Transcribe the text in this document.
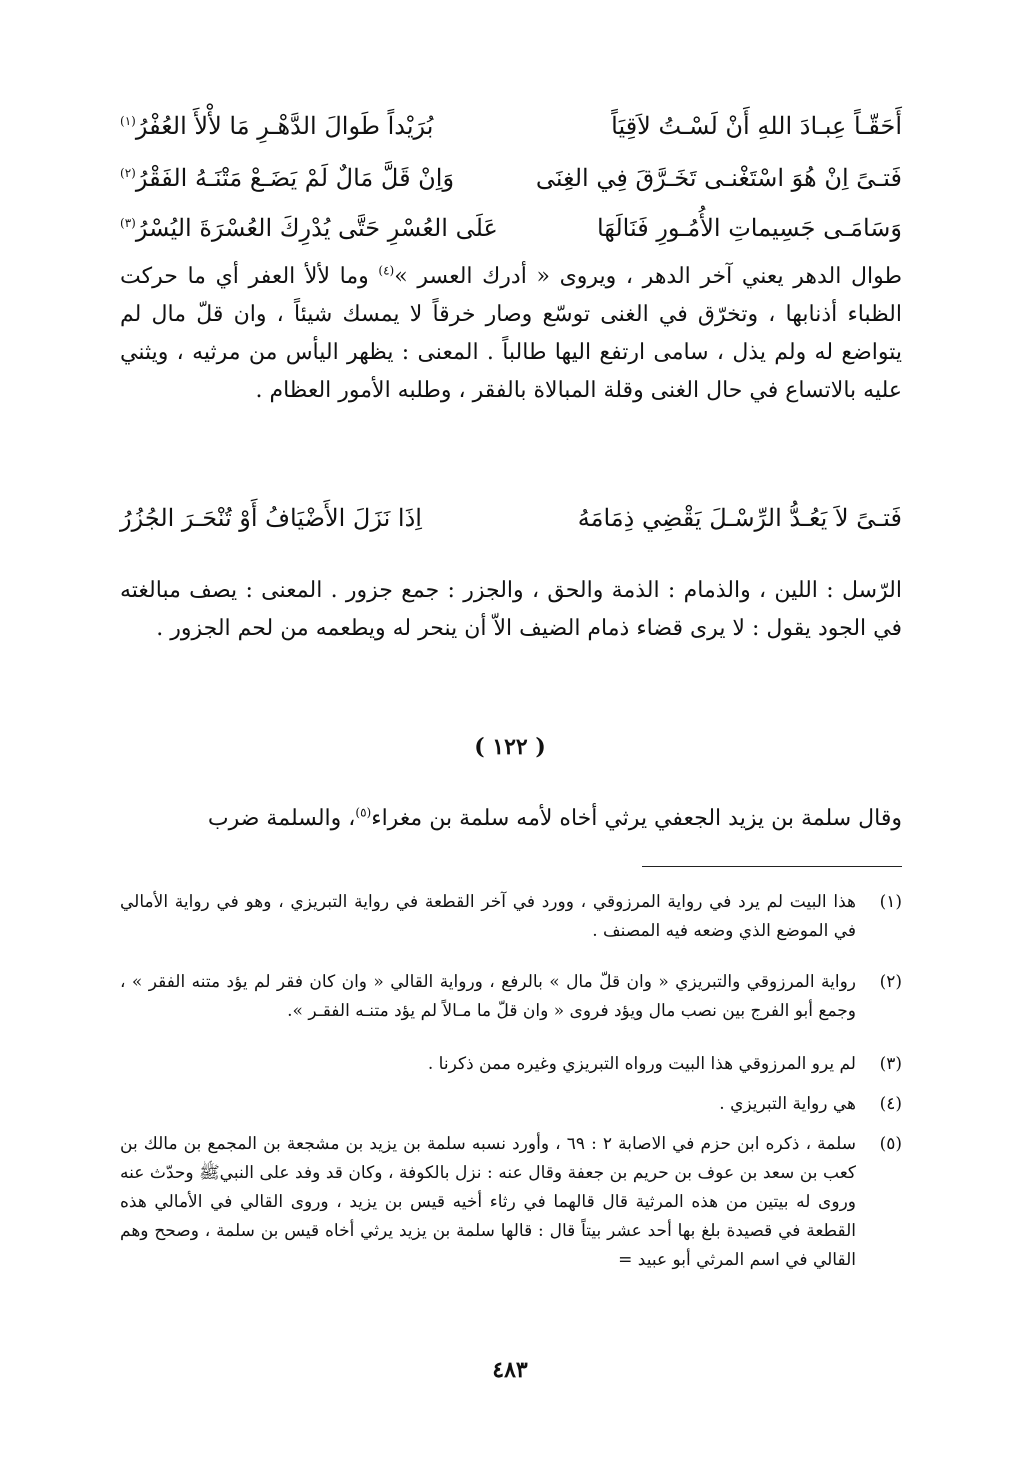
أَحَقّـاً عِبـادَ اللهِ أَنْ لَسْـتُ لاَقِيَاً
بُرَيْداً طَوالَ الدَّهْـرِ مَا لأْلأَ العُفْرُ$^{(١)}$
فَتـىً اِنْ هُوَ اسْتَغْنـى تَخَـرَّقَ فِي الغِنَى
وَاِنْ قَلَّ مَالٌ لَمْ يَضَـعْ مَتْنَـهُ الفَقْرُ$^{(٢)}$
وَسَامَـى جَسِيماتِ الأُمُـورِ فَنَالَهَا
عَلَى العُسْرِ حَتَّى يُدْرِكَ العُسْرَةَ اليُسْرُ$^{(٣)}$
طوال الدهر يعني آخر الدهر ، ويروى « أدرك العسر »$^{(٤)}$ وما لألأ العفر أي ما حركت الظباء أذنابها ، وتخرّق في الغنى توسّع وصار خرقاً لا يمسك شيئاً ، وان قلّ مال لم يتواضع له ولم يذل ، سامى ارتفع اليها طالباً . المعنى : يظهر اليأس من مرثيه ، ويثني عليه بالاتساع في حال الغنى وقلة المبالاة بالفقر ، وطلبه الأمور العظام .
فَتـىً لاَ يَعُـدُّ الرِّسْـلَ يَقْضِي ذِمَامَهُ
اِذَا نَزَلَ الأَضْيَافُ أَوْ تُنْحَـرَ الجُزُرُ
الرّسل : اللين ، والذمام : الذمة والحق ، والجزر : جمع جزور . المعنى : يصف مبالغته في الجود يقول : لا يرى قضاء ذمام الضيف الاّ أن ينحر له ويطعمه من لحم الجزور .
( ١٢٢ )
وقال سلمة بن يزيد الجعفي يرثي أخاه لأمه سلمة بن مغراء$^{(٥)}$، والسلمة ضرب
(١)
هذا البيت لم يرد في رواية المرزوقي ، وورد في آخر القطعة في رواية التبريزي ، وهو في رواية الأمالي في الموضع الذي وضعه فيه المصنف .
(٢)
رواية المرزوقي والتبريزي « وان قلّ مال » بالرفع ، ورواية القالي « وان كان فقر لم يؤد متنه الفقر » ، وجمع أبو الفرج بين نصب مال ويؤد فروى « وان قلّ ما مـالاً لم يؤد متنـه الفقـر ».
(٣)
لم يرو المرزوقي هذا البيت ورواه التبريزي وغيره ممن ذكرنا .
(٤)
هي رواية التبريزي .
(٥)
سلمة ، ذكره ابن حزم في الاصابة ٢ : ٦٩ ، وأورد نسبه سلمة بن يزيد بن مشجعة بن المجمع بن مالك بن كعب بن سعد بن عوف بن حريم بن جعفة وقال عنه : نزل بالكوفة ، وكان قد وفد على النبيﷺ وحدّث عنه وروى له بيتين من هذه المرثية قال قالهما في رثاء أخيه قيس بن يزيد ، وروى القالي في الأمالي هذه القطعة في قصيدة بلغ بها أحد عشر بيتاً قال : قالها سلمة بن يزيد يرثي أخاه قيس بن سلمة ، وصحح وهم القالي في اسم المرثي أبو عبيد =
٤٨٣
